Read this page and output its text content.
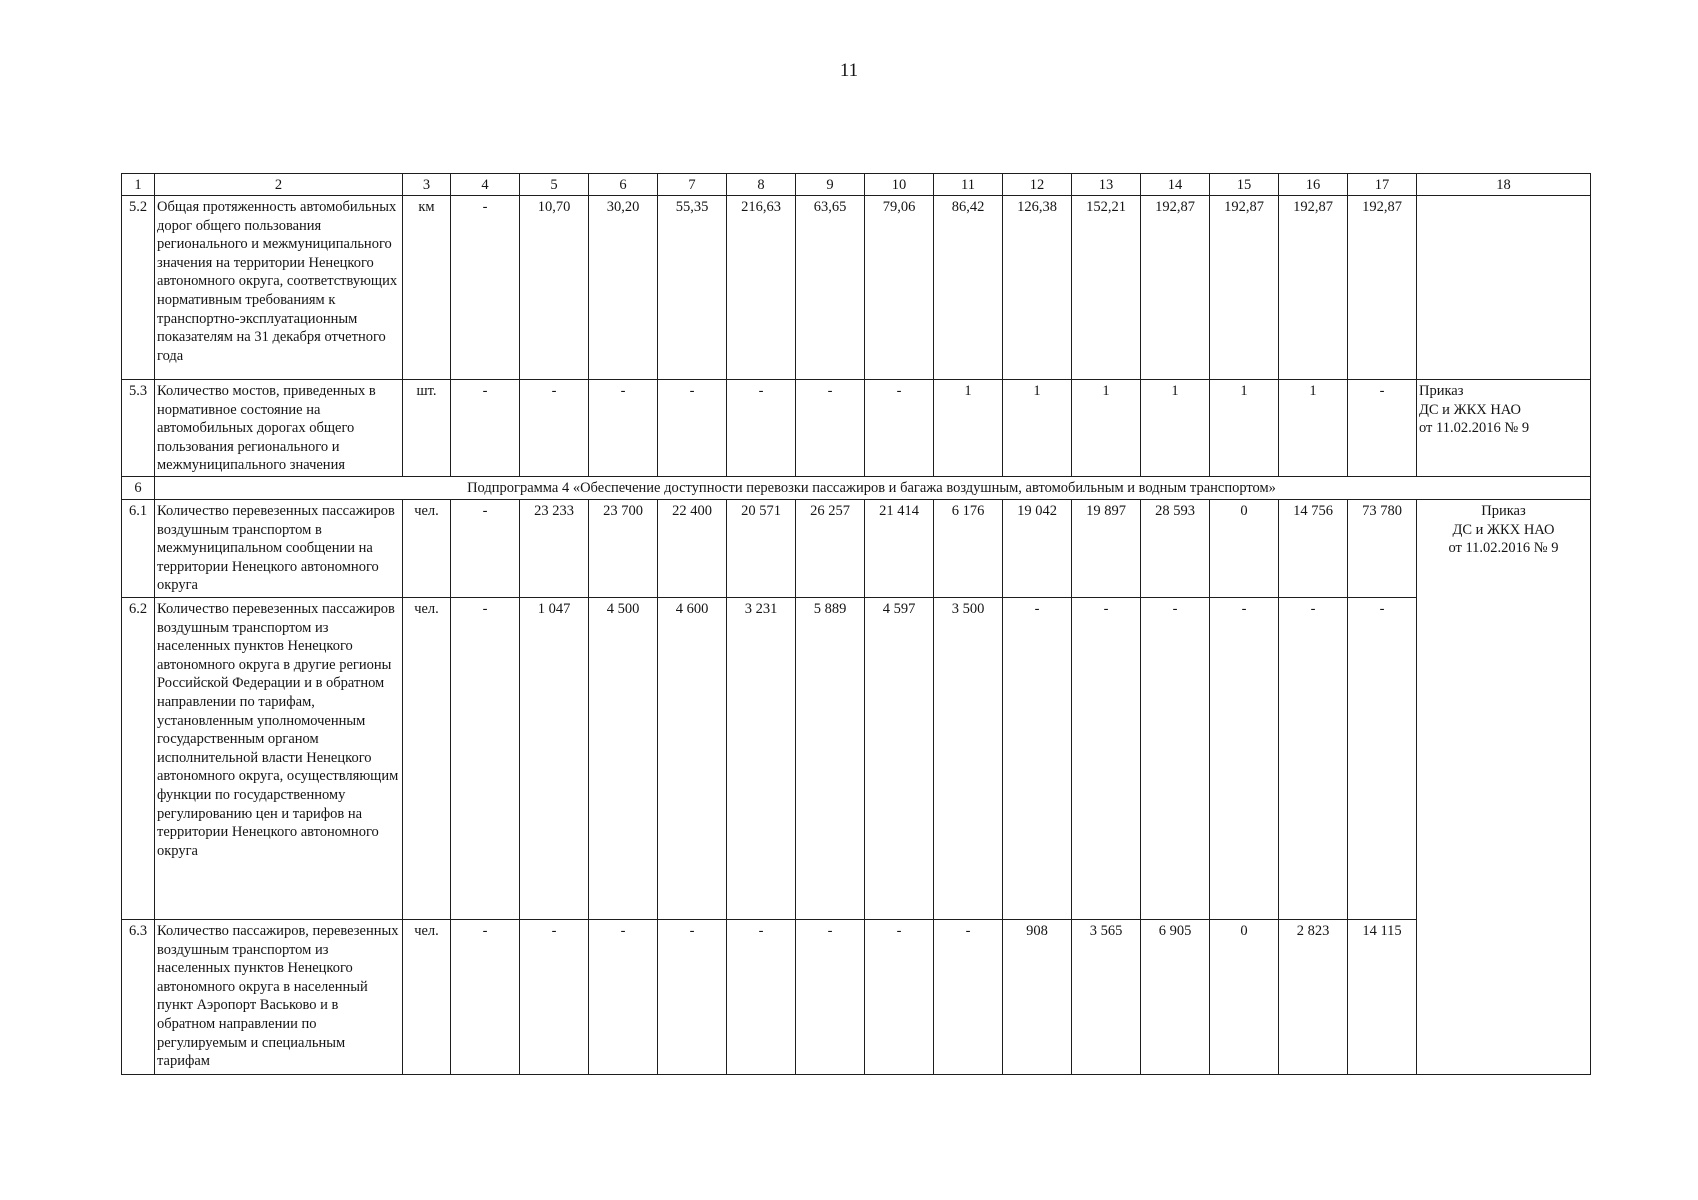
11
1	2	3	4	5	6	7	8	9	10	11	12	13	14	15	16	17	18
5.2	Общая протяженность автомобильных дорог общего пользования регионального и межмуниципального значения на территории Ненецкого автономного округа, соответствующих нормативным требованиям к транспортно-эксплуатационным показателям на 31 декабря отчетного года	км	-	10,70	30,20	55,35	216,63	63,65	79,06	86,42	126,38	152,21	192,87	192,87	192,87	192,87	
5.3	Количество мостов, приведенных в нормативное состояние на автомобильных дорогах общего пользования регионального и межмуниципального значения	шт.	-	-	-	-	-	-	-	1	1	1	1	1	1	-	Приказ
ДС и ЖКХ НАО
от 11.02.2016 № 9

6	Подпрограмма 4 «Обеспечение доступности перевозки пассажиров и багажа воздушным, автомобильным и водным транспортом»																
6.1	Количество перевезенных пассажиров воздушным транспортом в межмуниципальном сообщении на территории Ненецкого автономного округа	чел.	-	23 233	23 700	22 400	20 571	26 257	21 414	6 176	19 042	19 897	28 593	0	14 756	73 780	Приказ
ДС и ЖКХ НАО
от 11.02.2016 № 9

6.2	Количество перевезенных пассажиров воздушным транспортом из населенных пунктов Ненецкого автономного округа в другие регионы Российской Федерации и в обратном направлении по тарифам, установленным уполномоченным государственным органом исполнительной власти Ненецкого автономного округа, осуществляющим функции по государственному регулированию цен и тарифов на территории Ненецкого автономного округа	чел.	-	1 047	4 500	4 600	3 231	5 889	4 597	3 500	-	-	-	-	-	-	
6.3	Количество пассажиров, перевезенных воздушным транспортом из населенных пунктов Ненецкого автономного округа в населенный пункт Аэропорт Васьково и в обратном направлении по регулируемым и специальным тарифам	чел.	-	-	-	-	-	-	-	-	908	3 565	6 905	0	2 823	14 115	
